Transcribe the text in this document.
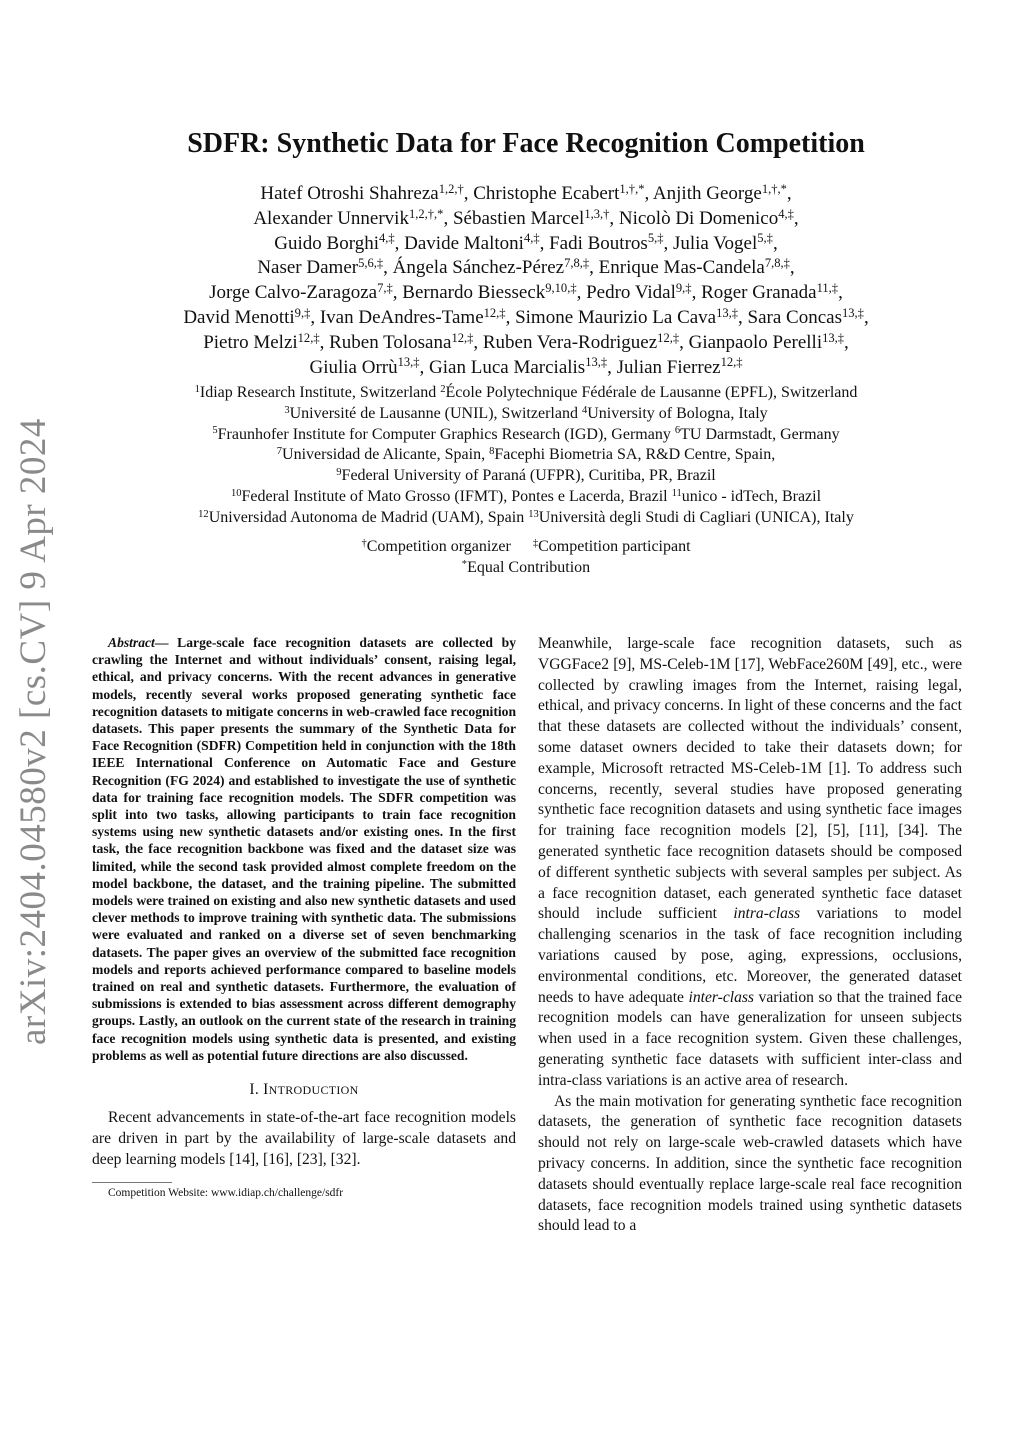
arXiv:2404.04580v2 [cs.CV] 9 Apr 2024
SDFR: Synthetic Data for Face Recognition Competition
Hatef Otroshi Shahreza$^{1,2,\dagger}$, Christophe Ecabert$^{1,\dagger,*}$, Anjith George$^{1,\dagger,*}$,
Alexander Unnervik$^{1,2,\dagger,*}$, Sébastien Marcel$^{1,3,\dagger}$, Nicolò Di Domenico$^{4,\ddagger}$,
Guido Borghi$^{4,\ddagger}$, Davide Maltoni$^{4,\ddagger}$, Fadi Boutros$^{5,\ddagger}$, Julia Vogel$^{5,\ddagger}$,
Naser Damer$^{5,6,\ddagger}$, Ángela Sánchez-Pérez$^{7,8,\ddagger}$, Enrique Mas-Candela$^{7,8,\ddagger}$,
Jorge Calvo-Zaragoza$^{7,\ddagger}$, Bernardo Biesseck$^{9,10,\ddagger}$, Pedro Vidal$^{9,\ddagger}$, Roger Granada$^{11,\ddagger}$,
David Menotti$^{9,\ddagger}$, Ivan DeAndres-Tame$^{12,\ddagger}$, Simone Maurizio La Cava$^{13,\ddagger}$, Sara Concas$^{13,\ddagger}$,
Pietro Melzi$^{12,\ddagger}$, Ruben Tolosana$^{12,\ddagger}$, Ruben Vera-Rodriguez$^{12,\ddagger}$, Gianpaolo Perelli$^{13,\ddagger}$,
Giulia Orrù$^{13,\ddagger}$, Gian Luca Marcialis$^{13,\ddagger}$, Julian Fierrez$^{12,\ddagger}$
$^1$Idiap Research Institute, Switzerland $^2$École Polytechnique Fédérale de Lausanne (EPFL), Switzerland
$^3$Université de Lausanne (UNIL), Switzerland $^4$University of Bologna, Italy
$^5$Fraunhofer Institute for Computer Graphics Research (IGD), Germany $^6$TU Darmstadt, Germany
$^7$Universidad de Alicante, Spain, $^8$Facephi Biometria SA, R&D Centre, Spain,
$^9$Federal University of Paraná (UFPR), Curitiba, PR, Brazil
$^{10}$Federal Institute of Mato Grosso (IFMT), Pontes e Lacerda, Brazil $^{11}$unico - idTech, Brazil
$^{12}$Universidad Autonoma de Madrid (UAM), Spain $^{13}$Università degli Studi di Cagliari (UNICA), Italy
†Competition organizer ‡Competition participant
*Equal Contribution

Abstract— Large-scale face recognition datasets are collected by crawling the Internet and without individuals’ consent, raising legal, ethical, and privacy concerns. With the recent advances in generative models, recently several works proposed generating synthetic face recognition datasets to mitigate concerns in web-crawled face recognition datasets. This paper presents the summary of the Synthetic Data for Face Recognition (SDFR) Competition held in conjunction with the 18th IEEE International Conference on Automatic Face and Gesture Recognition (FG 2024) and established to investigate the use of synthetic data for training face recognition models. The SDFR competition was split into two tasks, allowing participants to train face recognition systems using new synthetic datasets and/or existing ones. In the first task, the face recognition backbone was fixed and the dataset size was limited, while the second task provided almost complete freedom on the model backbone, the dataset, and the training pipeline. The submitted models were trained on existing and also new synthetic datasets and used clever methods to improve training with synthetic data. The submissions were evaluated and ranked on a diverse set of seven benchmarking datasets. The paper gives an overview of the submitted face recognition models and reports achieved performance compared to baseline models trained on real and synthetic datasets. Furthermore, the evaluation of submissions is extended to bias assessment across different demography groups. Lastly, an outlook on the current state of the research in training face recognition models using synthetic data is presented, and existing problems as well as potential future directions are also discussed.

I. INTRODUCTION

Recent advancements in state-of-the-art face recognition models are driven in part by the availability of large-scale datasets and deep learning models [14], [16], [23], [32].

Competition Website: www.idiap.ch/challenge/sdfr

Meanwhile, large-scale face recognition datasets, such as VGGFace2 [9], MS-Celeb-1M [17], WebFace260M [49], etc., were collected by crawling images from the Internet, raising legal, ethical, and privacy concerns. In light of these concerns and the fact that these datasets are collected without the individuals’ consent, some dataset owners decided to take their datasets down; for example, Microsoft retracted MS-Celeb-1M [1]. To address such concerns, recently, several studies have proposed generating synthetic face recognition datasets and using synthetic face images for training face recognition models [2], [5], [11], [34]. The generated synthetic face recognition datasets should be composed of different synthetic subjects with several samples per subject. As a face recognition dataset, each generated synthetic face dataset should include sufficient intra-class variations to model challenging scenarios in the task of face recognition including variations caused by pose, aging, expressions, occlusions, environmental conditions, etc. Moreover, the generated dataset needs to have adequate inter-class variation so that the trained face recognition models can have generalization for unseen subjects when used in a face recognition system. Given these challenges, generating synthetic face datasets with sufficient inter-class and intra-class variations is an active area of research.

As the main motivation for generating synthetic face recognition datasets, the generation of synthetic face recognition datasets should not rely on large-scale web-crawled datasets which have privacy concerns. In addition, since the synthetic face recognition datasets should eventually replace large-scale real face recognition datasets, face recognition models trained using synthetic datasets should lead to a
